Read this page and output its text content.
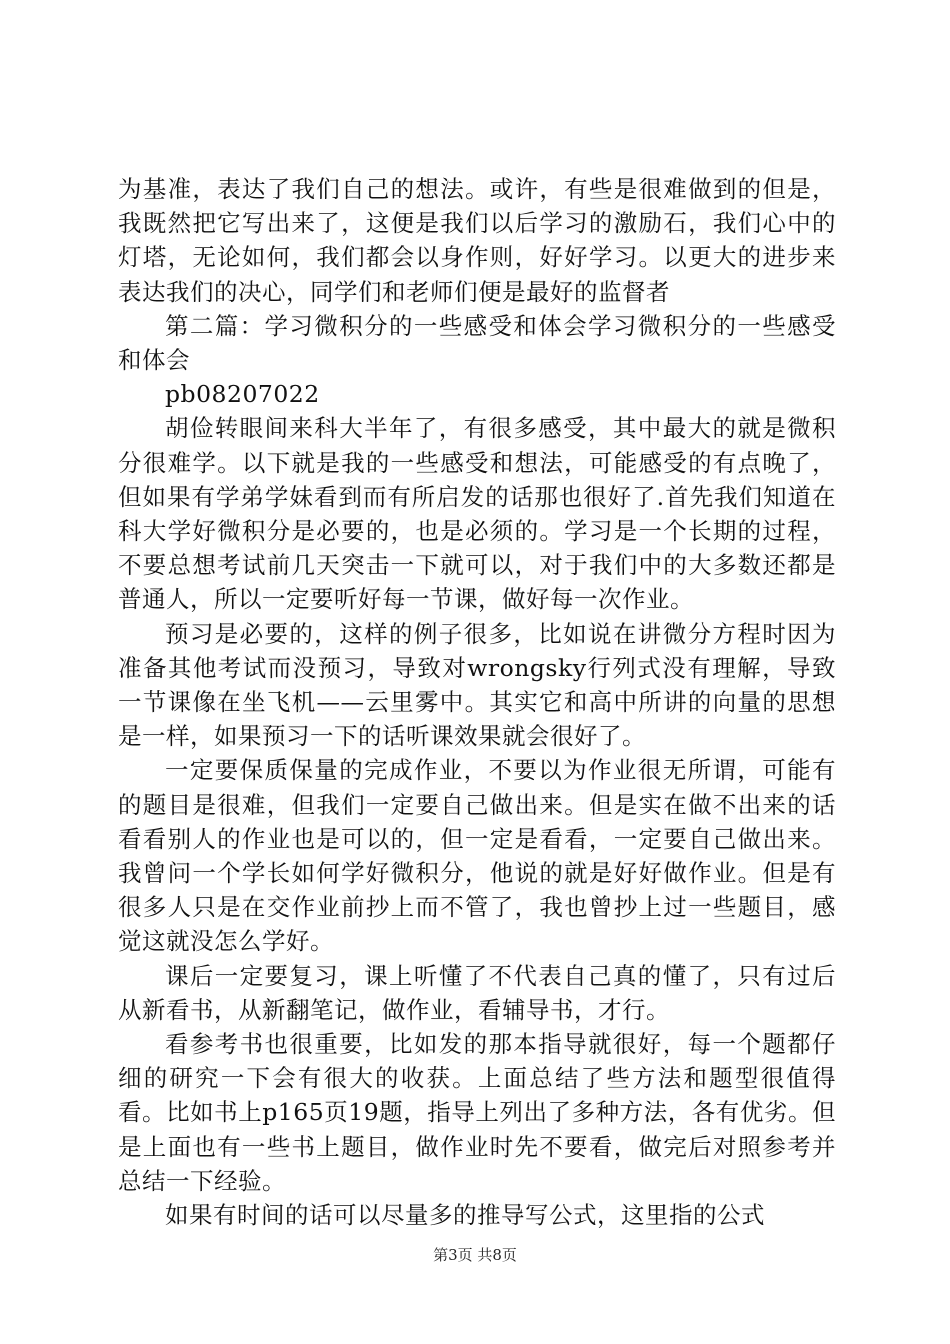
为基准，表达了我们自己的想法。或许，有些是很难做到的但是，我既然把它写出来了，这便是我们以后学习的激励石，我们心中的灯塔，无论如何，我们都会以身作则，好好学习。以更大的进步来表达我们的决心，同学们和老师们便是最好的监督者

第二篇：学习微积分的一些感受和体会学习微积分的一些感受和体会

pb08207022

胡俭转眼间来科大半年了，有很多感受，其中最大的就是微积分很难学。以下就是我的一些感受和想法，可能感受的有点晚了，但如果有学弟学妹看到而有所启发的话那也很好了.首先我们知道在科大学好微积分是必要的，也是必须的。学习是一个长期的过程，不要总想考试前几天突击一下就可以，对于我们中的大多数还都是普通人，所以一定要听好每一节课，做好每一次作业。

预习是必要的，这样的例子很多，比如说在讲微分方程时因为准备其他考试而没预习，导致对wrongsky行列式没有理解，导致一节课像在坐飞机——云里雾中。其实它和高中所讲的向量的思想是一样，如果预习一下的话听课效果就会很好了。

一定要保质保量的完成作业，不要以为作业很无所谓，可能有的题目是很难，但我们一定要自己做出来。但是实在做不出来的话看看别人的作业也是可以的，但一定是看看，一定要自己做出来。我曾问一个学长如何学好微积分，他说的就是好好做作业。但是有很多人只是在交作业前抄上而不管了，我也曾抄上过一些题目，感觉这就没怎么学好。

课后一定要复习，课上听懂了不代表自己真的懂了，只有过后从新看书，从新翻笔记，做作业，看辅导书，才行。

看参考书也很重要，比如发的那本指导就很好，每一个题都仔细的研究一下会有很大的收获。上面总结了些方法和题型很值得看。比如书上p165页19题，指导上列出了多种方法，各有优劣。但是上面也有一些书上题目，做作业时先不要看，做完后对照参考并总结一下经验。

如果有时间的话可以尽量多的推导写公式，这里指的公式

第3页 共8页
